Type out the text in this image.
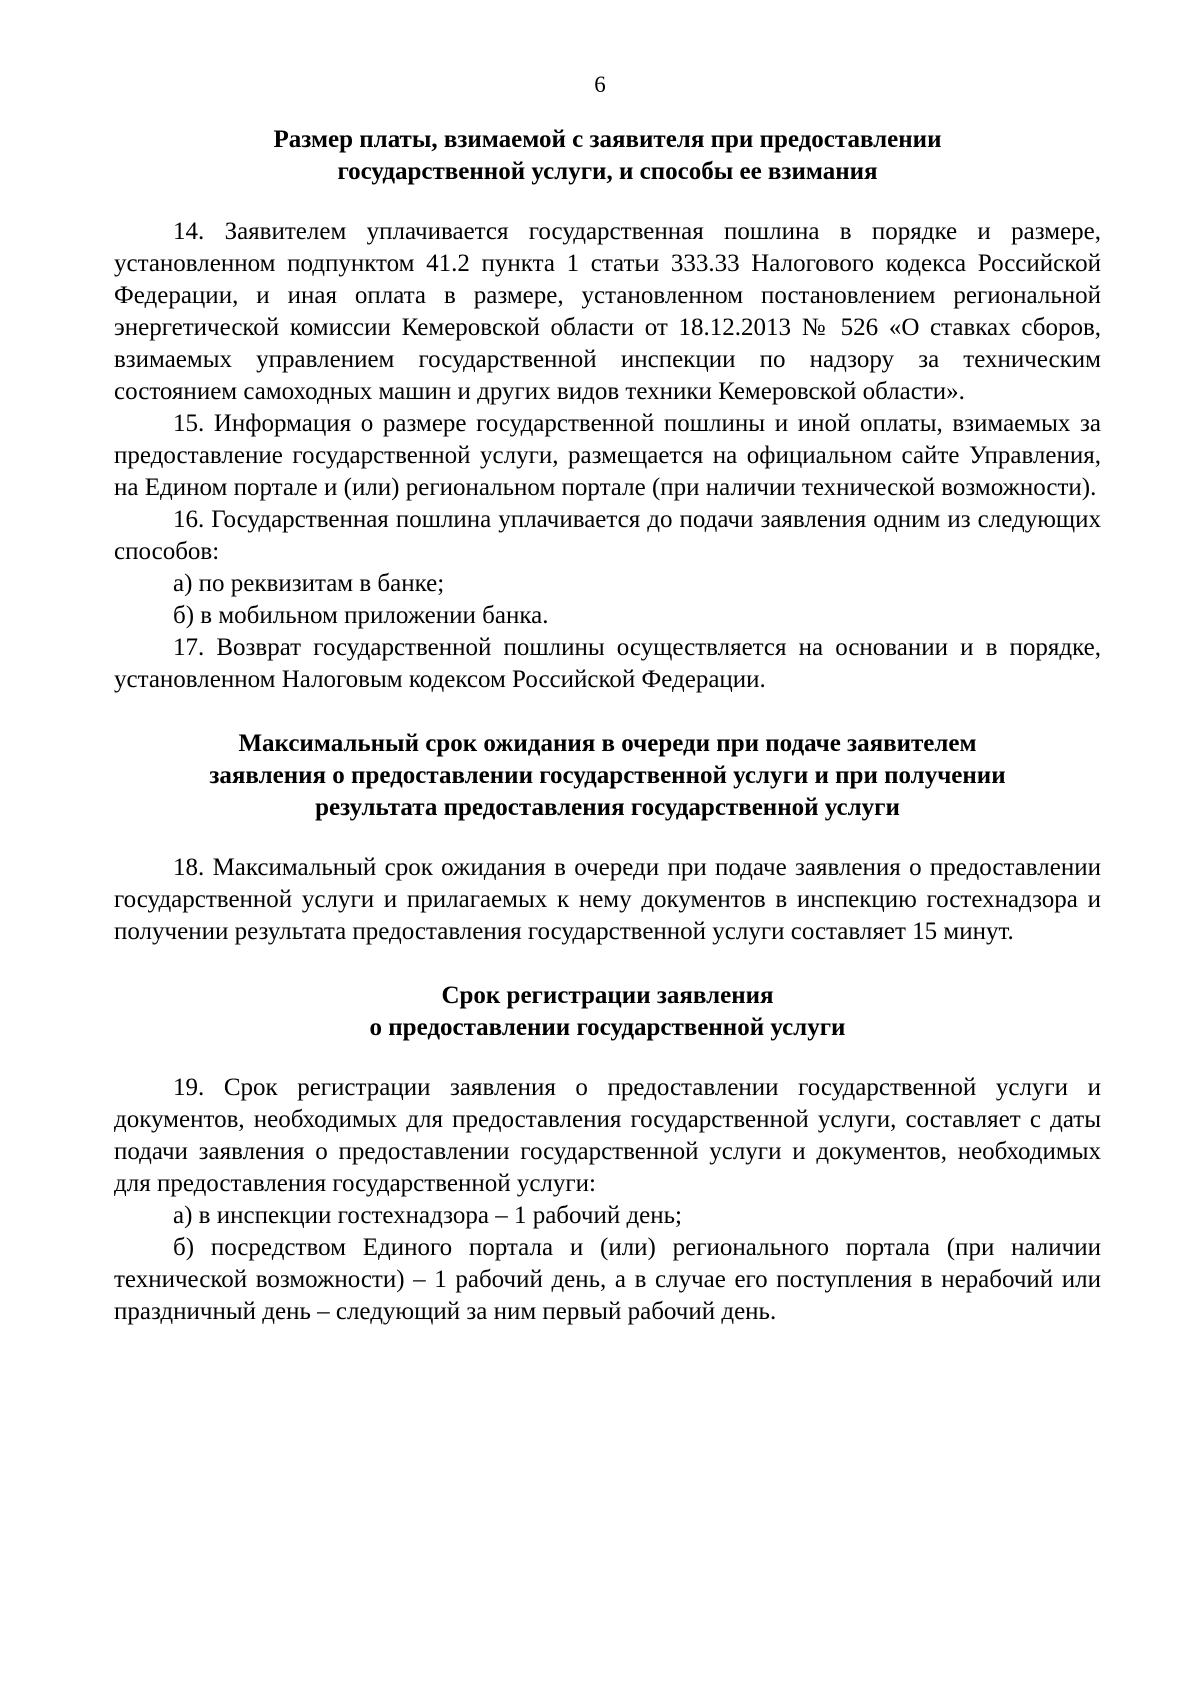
6
Размер платы, взимаемой с заявителя при предоставлении
государственной услуги, и способы ее взимания

14. Заявителем уплачивается государственная пошлина в порядке и размере, установленном подпунктом 41.2 пункта 1 статьи 333.33 Налогового кодекса Российской Федерации, и иная оплата в размере, установленном постановлением региональной энергетической комиссии Кемеровской области от 18.12.2013 № 526 «О ставках сборов, взимаемых управлением государственной инспекции по надзору за техническим состоянием самоходных машин и других видов техники Кемеровской области».

15. Информация о размере государственной пошлины и иной оплаты, взимаемых за предоставление государственной услуги, размещается на официальном сайте Управления, на Едином портале и (или) региональном портале (при наличии технической возможности).

16. Государственная пошлина уплачивается до подачи заявления одним из следующих способов:

а) по реквизитам в банке;

б) в мобильном приложении банка.

17. Возврат государственной пошлины осуществляется на основании и в порядке, установленном Налоговым кодексом Российской Федерации.

Максимальный срок ожидания в очереди при подаче заявителем
заявления о предоставлении государственной услуги и при получении
результата предоставления государственной услуги

18. Максимальный срок ожидания в очереди при подаче заявления о предоставлении государственной услуги и прилагаемых к нему документов в инспекцию гостехнадзора и получении результата предоставления государственной услуги составляет 15 минут.

Срок регистрации заявления
о предоставлении государственной услуги

19. Срок регистрации заявления о предоставлении государственной услуги и документов, необходимых для предоставления государственной услуги, составляет с даты подачи заявления о предоставлении государственной услуги и документов, необходимых для предоставления государственной услуги:

а) в инспекции гостехнадзора – 1 рабочий день;

б) посредством Единого портала и (или) регионального портала (при наличии технической возможности) – 1 рабочий день, а в случае его поступления в нерабочий или праздничный день – следующий за ним первый рабочий день.
